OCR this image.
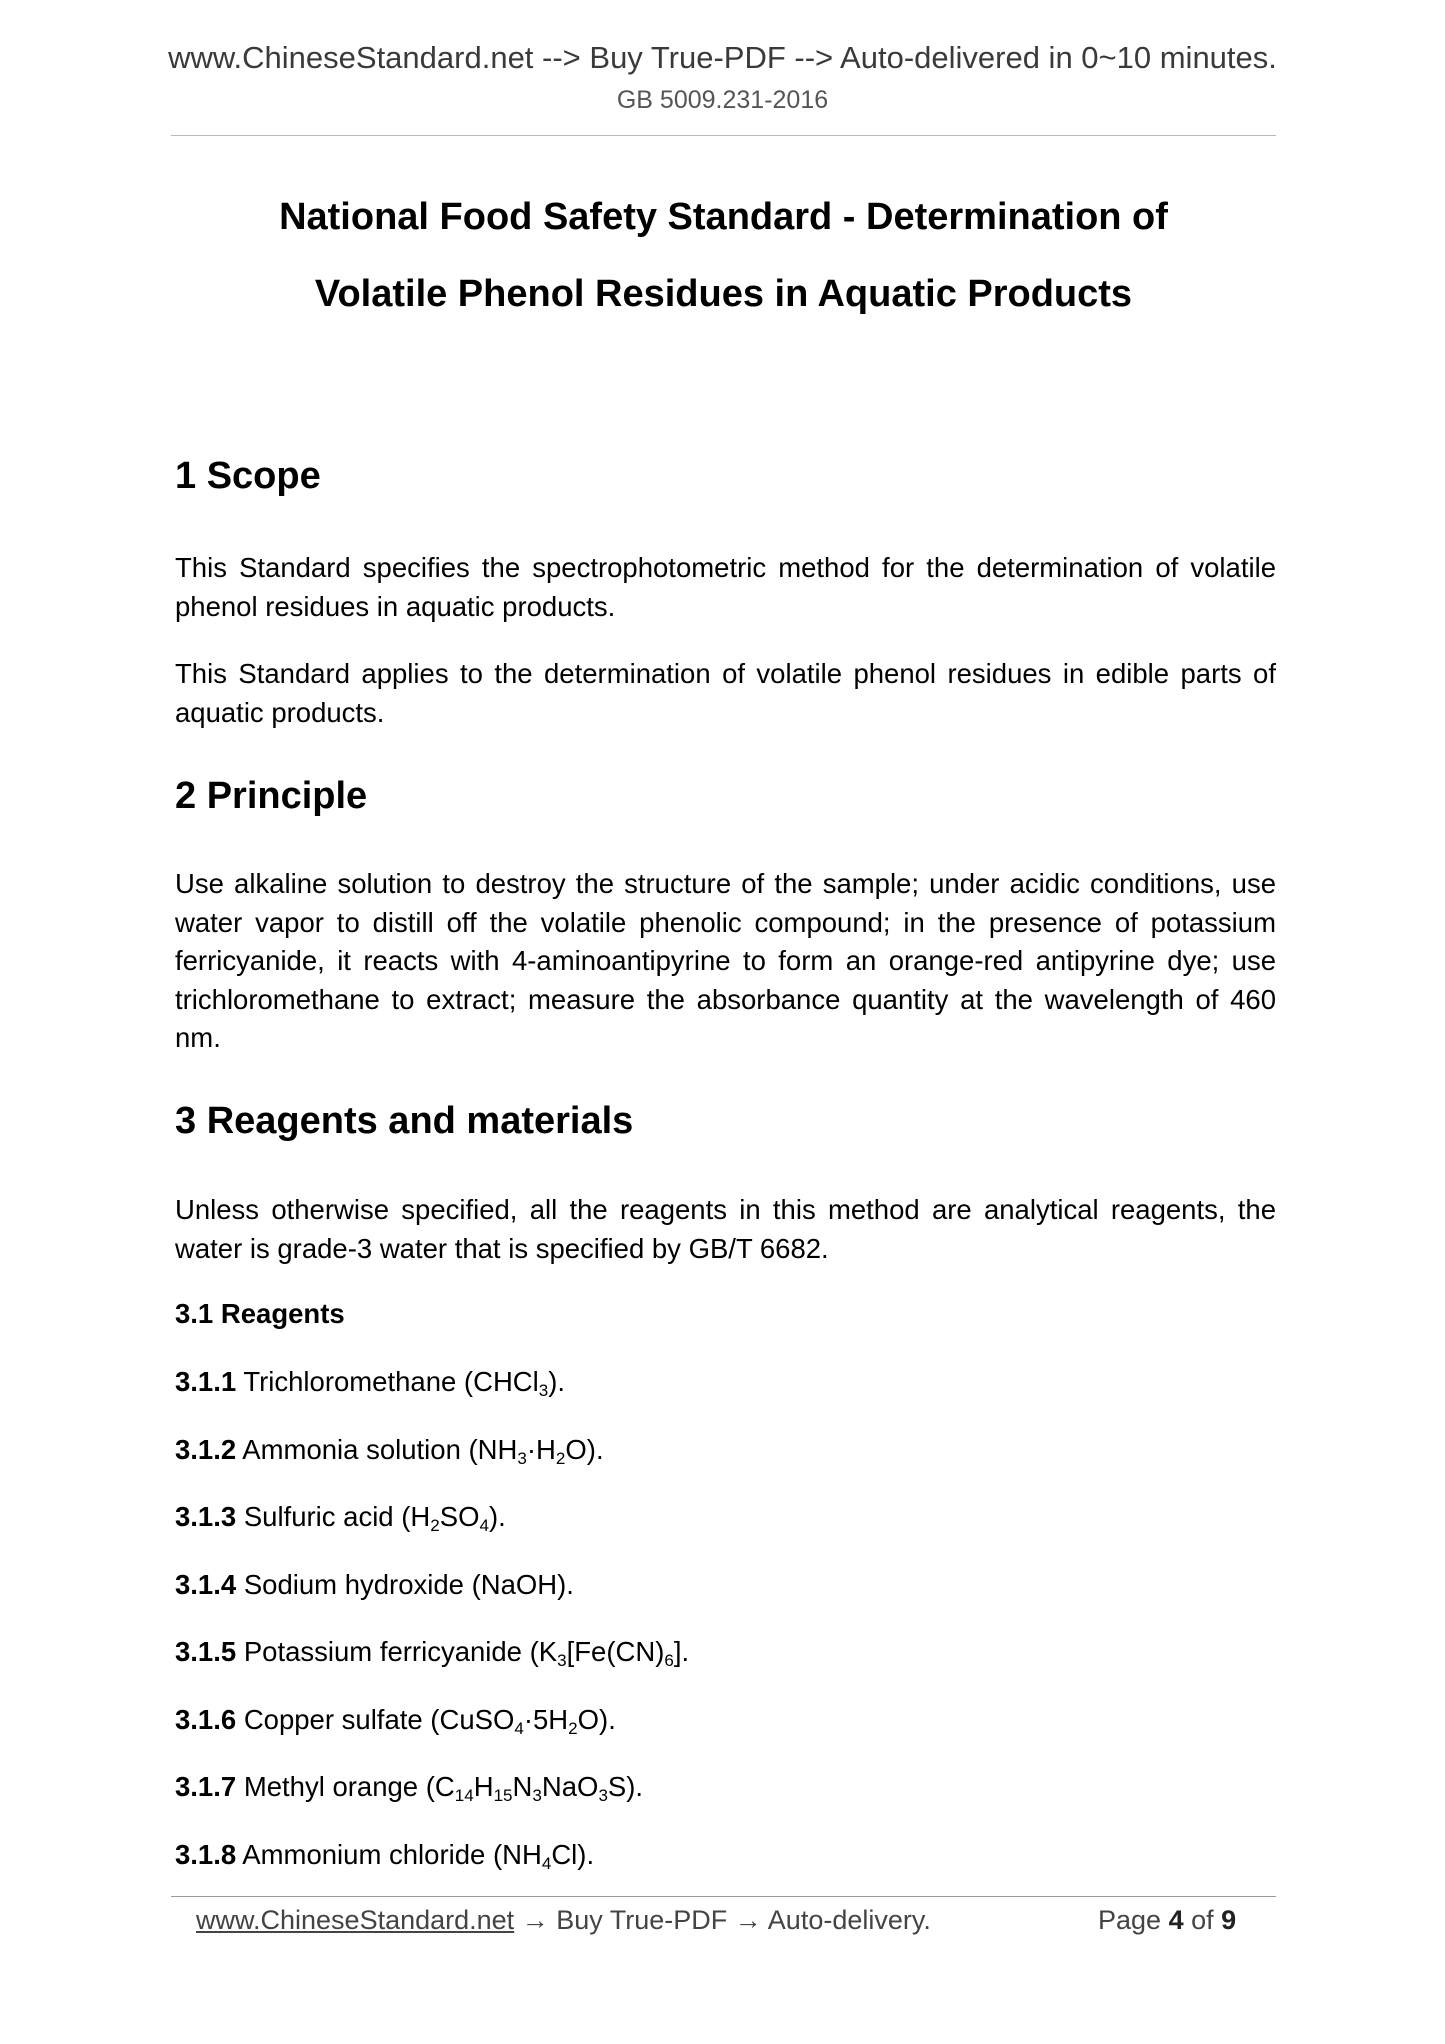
www.ChineseStandard.net --> Buy True-PDF --> Auto-delivered in 0~10 minutes.
GB 5009.231-2016
National Food Safety Standard - Determination of
Volatile Phenol Residues in Aquatic Products
1 Scope
This Standard specifies the spectrophotometric method for the determination of volatile phenol residues in aquatic products.
This Standard applies to the determination of volatile phenol residues in edible parts of aquatic products.
2 Principle
Use alkaline solution to destroy the structure of the sample; under acidic conditions, use water vapor to distill off the volatile phenolic compound; in the presence of potassium ferricyanide, it reacts with 4-aminoantipyrine to form an orange-red antipyrine dye; use trichloromethane to extract; measure the absorbance quantity at the wavelength of 460 nm.
3 Reagents and materials
Unless otherwise specified, all the reagents in this method are analytical reagents, the water is grade-3 water that is specified by GB/T 6682.
3.1 Reagents
3.1.1 Trichloromethane (CHCl$_3$).
3.1.2 Ammonia solution $(NH_3\cdot H_2O)$.
3.1.3 Sulfuric acid $(H_2SO_4)$.
3.1.4 Sodium hydroxide (NaOH).
3.1.5 Potassium ferricyanide ($K_3[Fe(CN)_6]$.
3.1.6 Copper sulfate $(CuSO_4\cdot 5H_2O)$.
3.1.7 Methyl orange $(C_{14}H_{15}N_3NaO_3S)$.
3.1.8 Ammonium chloride $(NH_4Cl)$.
www.ChineseStandard.net → Buy True-PDF → Auto-delivery.	Page 4 of 9
